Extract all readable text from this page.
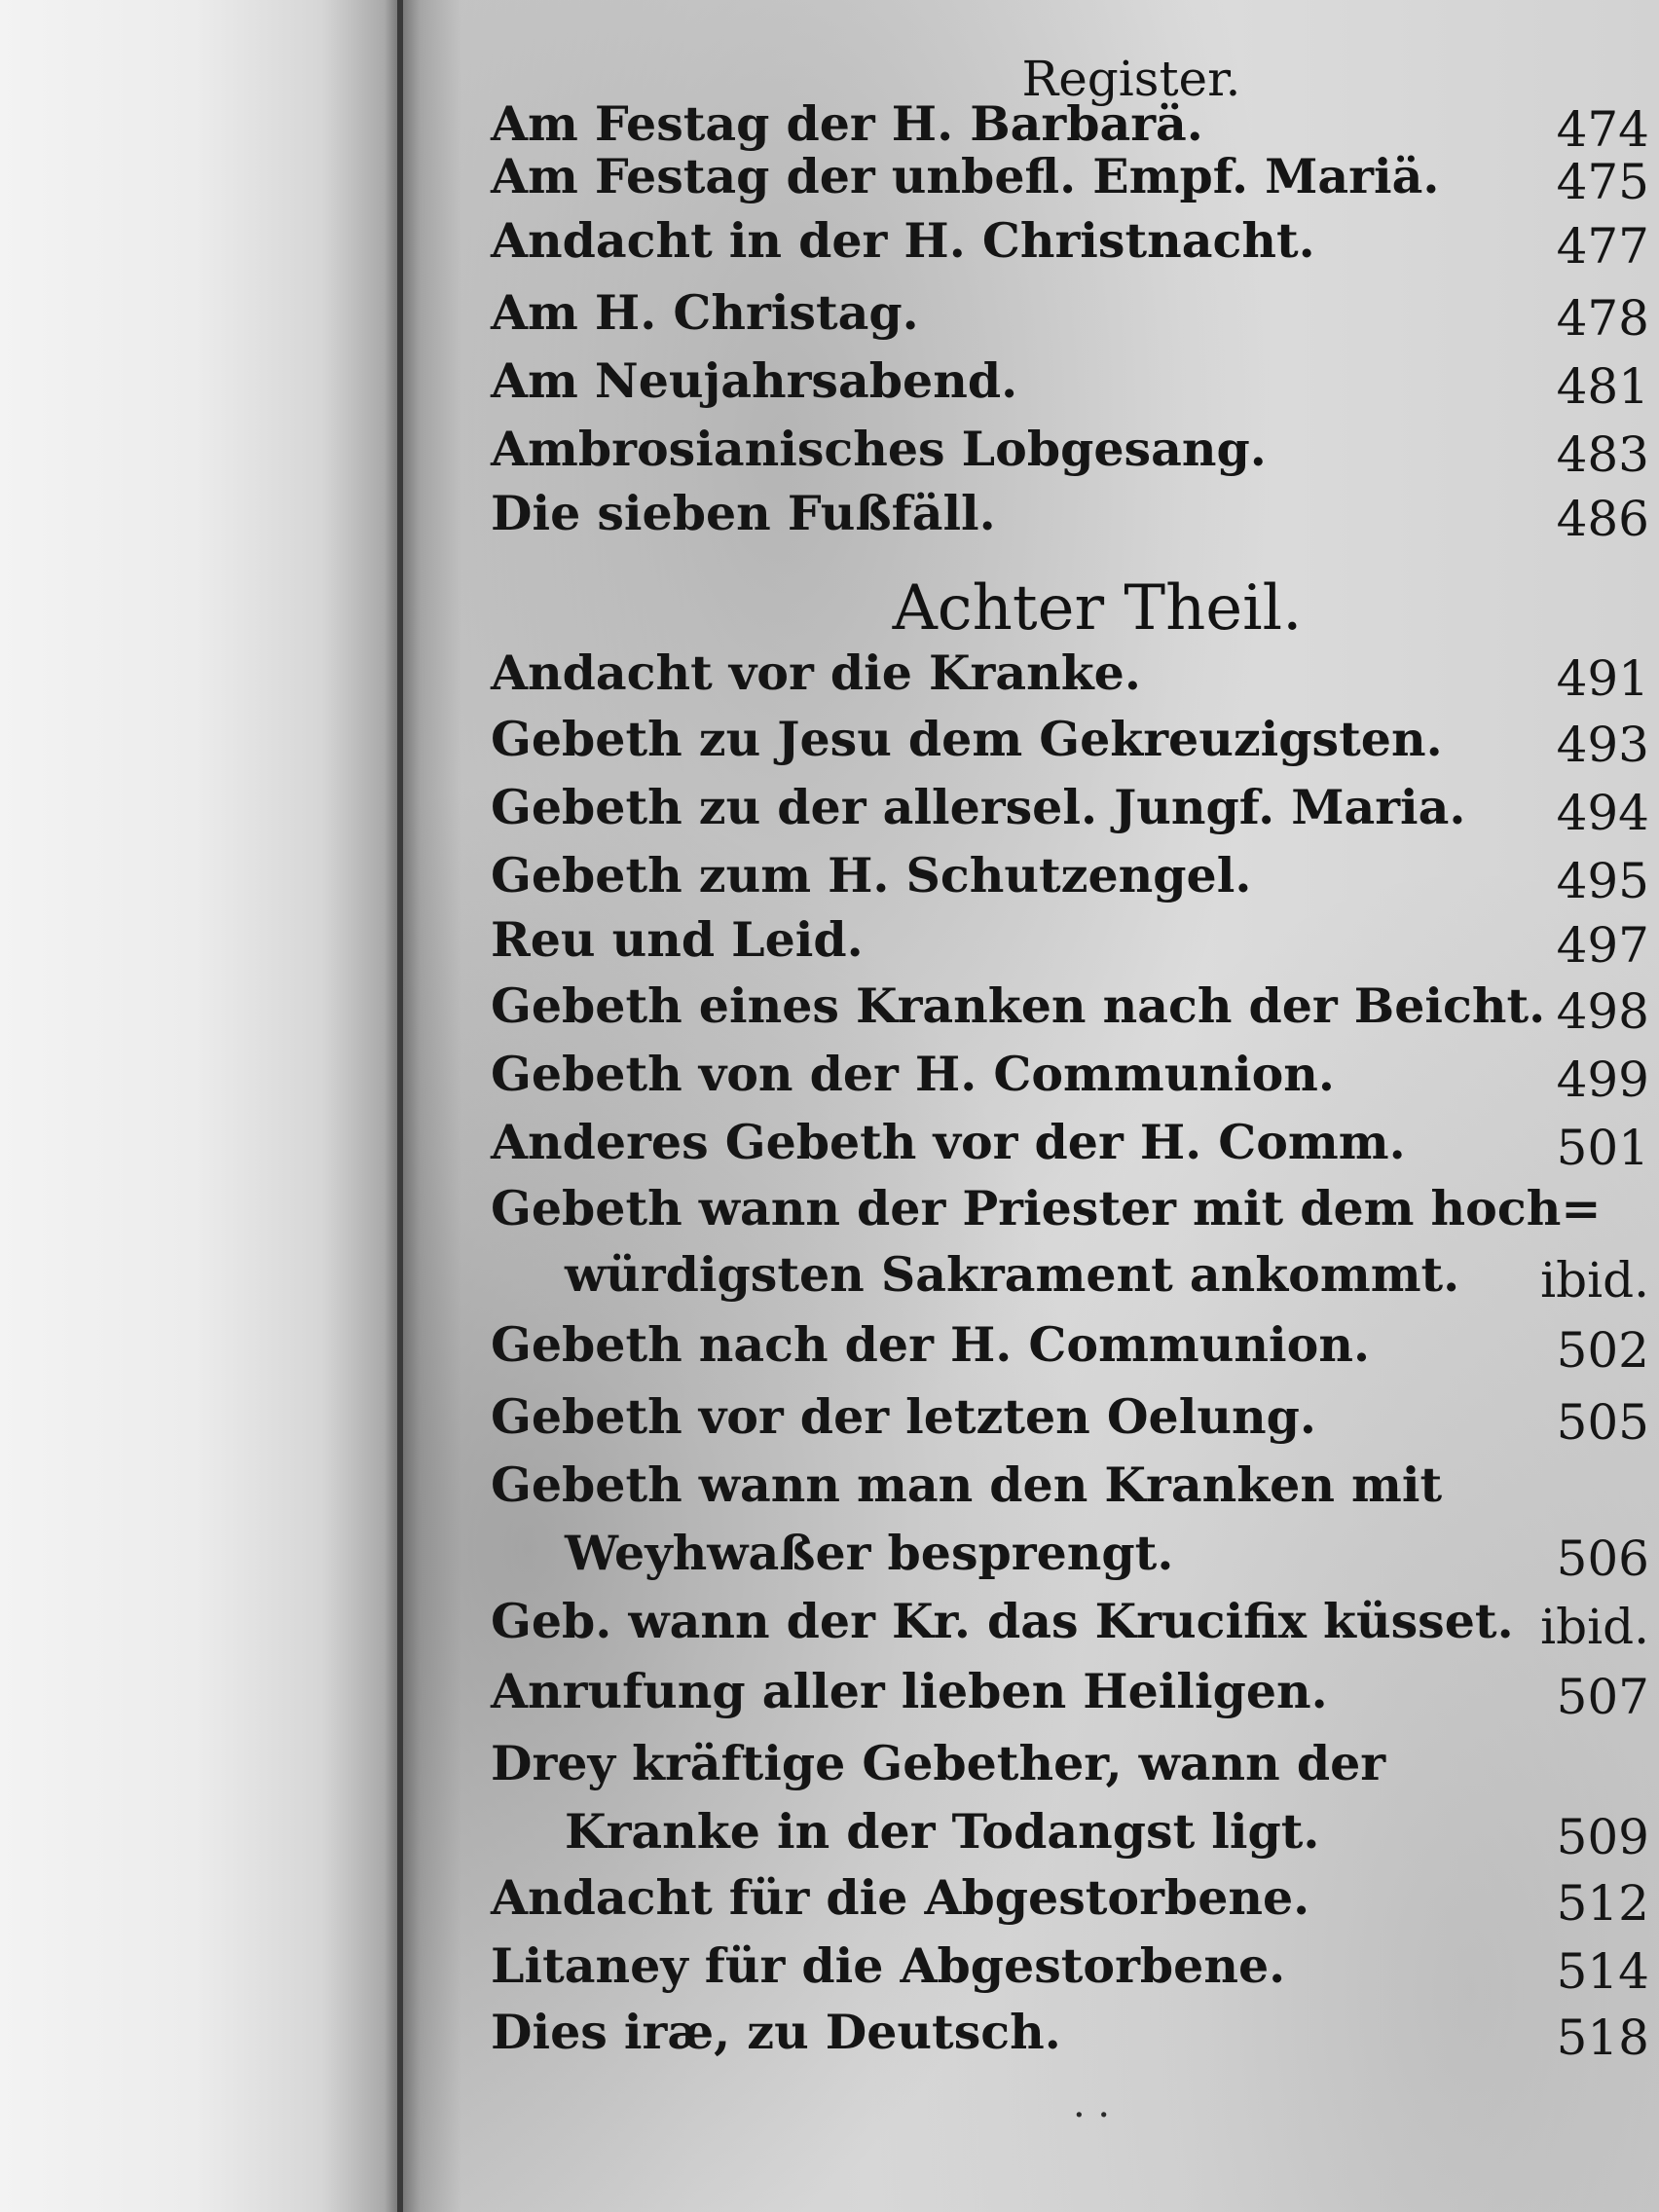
Register.
Am Festag der H. Barbarä.	474
Am Festag der unbefl. Empf. Mariä. 475
Andacht in der H. Christnacht.	477
Am H. Christag.	478
Am Neujahrsabend.	481
Ambrosianisches Lobgesang.	483
Die sieben Fußfäll.	486
Andacht vor die Kranke.	491
Gebeth zu Jesu dem Gekreuzigsten. 493
Gebeth zu der allersel. Jungf. Maria. 494
Gebeth zum H. Schutzengel.	495
Reu und Leid.	497
Gebeth eines Kranken nach der Beicht. 498
Gebeth von der H. Communion.	499
Anderes Gebeth vor der H. Comm.	501
Gebeth wann der Priester mit dem hoch=
würdigsten Sakrament ankommt. ibid.
Gebeth nach der H. Communion.	502
Gebeth vor der letzten Oelung.	505
Gebeth wann man den Kranken mit
Weyhwaßer besprengt.	506
Geb. wann der Kr. das Krucifix küsset. ibid.
Anrufung aller lieben Heiligen.	507
Drey kräftige Gebether, wann der
Kranke in der Todangst ligt.	509
Andacht für die Abgestorbene.	512
Litaney für die Abgestorbene.	514
Dies iræ, zu Deutsch.	518
Achter Theil.
· ·
